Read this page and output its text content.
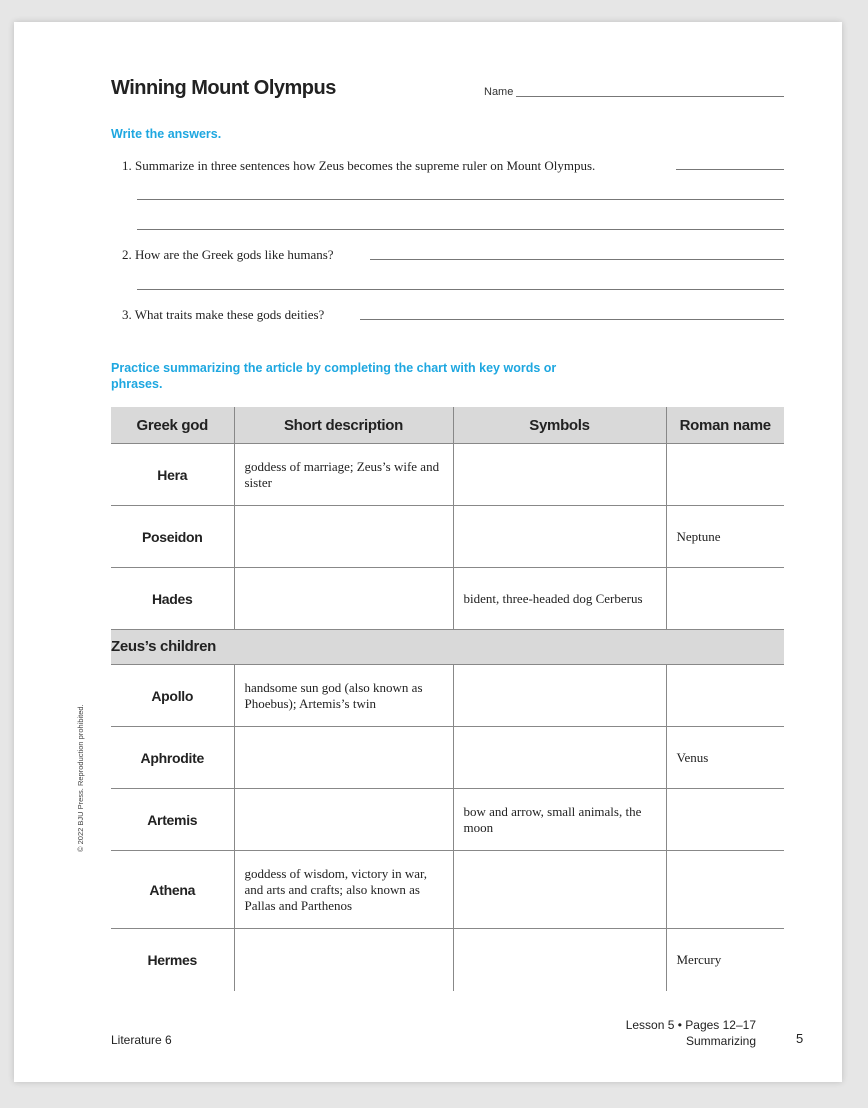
Winning Mount Olympus	Name
Write the answers.
1. Summarize in three sentences how Zeus becomes the supreme ruler on Mount Olympus.
2. How are the Greek gods like humans?
3. What traits make these gods deities?
Practice summarizing the article by completing the chart with key words or phrases.
Greek god	Short description	Symbols	Roman name
Hera	goddess of marriage; Zeus’s wife and sister		
Poseidon			Neptune
Hades		bident, three-headed dog Cerberus	
Zeus’s children			
Apollo	handsome sun god (also known as Phoebus); Artemis’s twin		
Aphrodite			Venus
Artemis		bow and arrow, small animals, the moon	
Athena	goddess of wisdom, victory in war, and arts and crafts; also known as Pallas and Parthenos		
Hermes			Mercury
© 2022 BJU Press. Reproduction prohibited.
Literature 6
Lesson 5 • Pages 12–17
Summarizing	5
